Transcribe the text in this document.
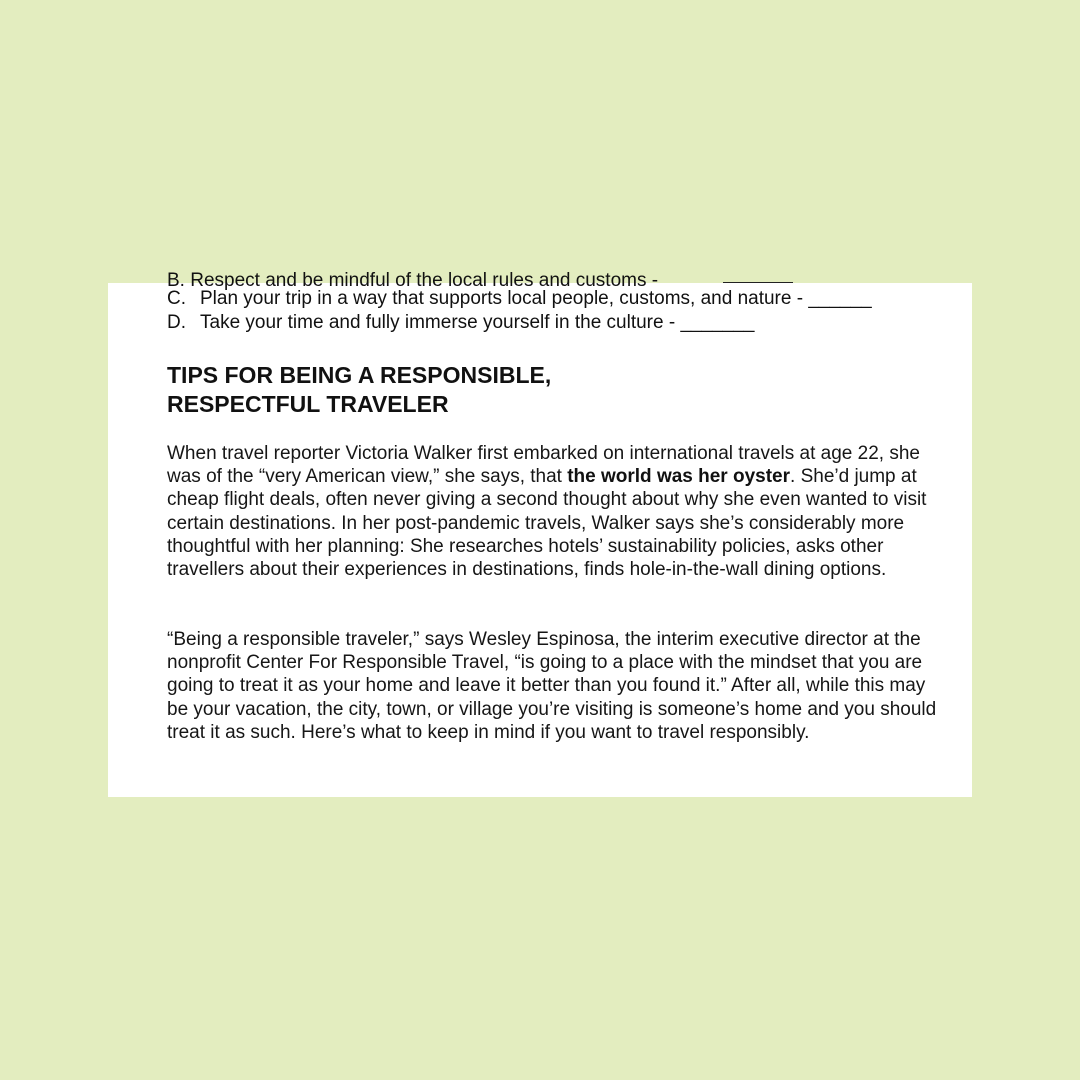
B. Respect and be mindful of the local rules and customs -
C. Plan your trip in a way that supports local people, customs, and nature - ______
D. Take your time and fully immerse yourself in the culture - _______
TIPS FOR BEING A RESPONSIBLE,
RESPECTFUL TRAVELER

When travel reporter Victoria Walker first embarked on international travels at age 22, she was of the “very American view,” she says, that the world was her oyster. She’d jump at cheap flight deals, often never giving a second thought about why she even wanted to visit certain destinations. In her post-pandemic travels, Walker says she’s considerably more thoughtful with her planning: She researches hotels’ sustainability policies, asks other travellers about their experiences in destinations, finds hole-in-the-wall dining options.

“Being a responsible traveler,” says Wesley Espinosa, the interim executive director at the nonprofit Center For Responsible Travel, “is going to a place with the mindset that you are going to treat it as your home and leave it better than you found it.” After all, while this may be your vacation, the city, town, or village you’re visiting is someone’s home and you should treat it as such. Here’s what to keep in mind if you want to travel responsibly.
